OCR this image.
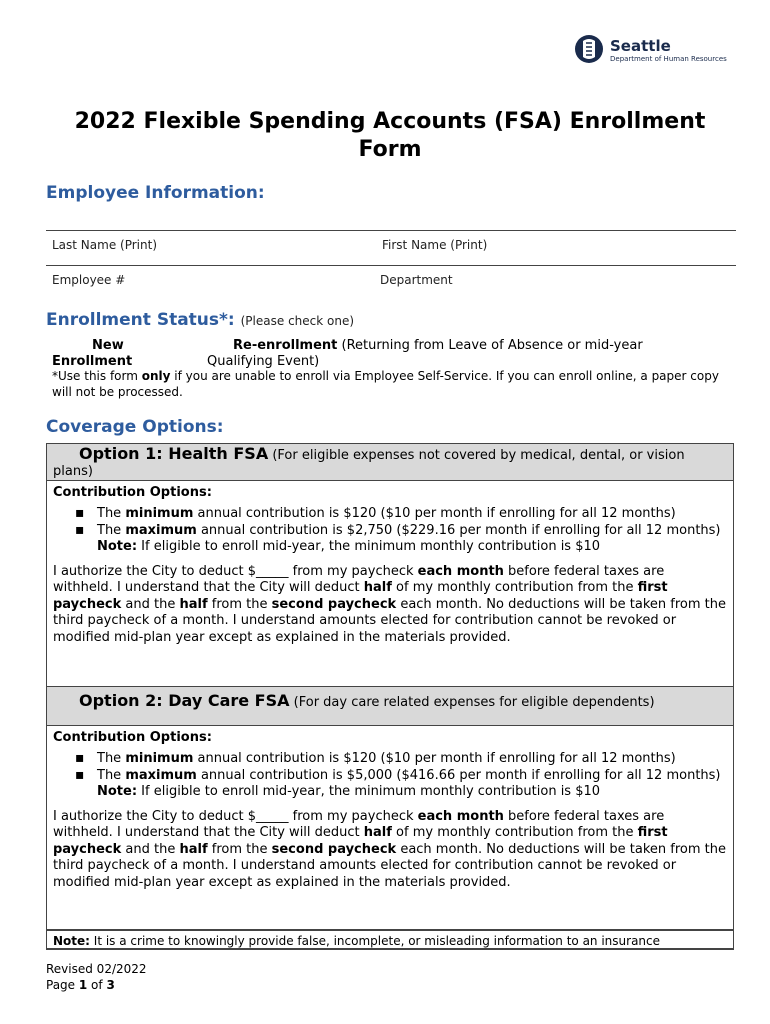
Seattle
Department of Human Resources
2022 Flexible Spending Accounts (FSA) Enrollment Form
Employee Information:
Last Name (Print)	First Name (Print)
Employee #	Department
Enrollment Status*: (Please check one)
New
Enrollment
Re-enrollment (Returning from Leave of Absence or mid-year
Qualifying Event)
*Use this form only if you are unable to enroll via Employee Self-Service. If you can enroll online, a paper copy will not be processed.
Coverage Options:
Option 1: Health FSA (For eligible expenses not covered by medical, dental, or vision plans)
Contribution Options:
▪ The minimum annual contribution is $120 ($10 per month if enrolling for all 12 months)
▪ The maximum annual contribution is $2,750 ($229.16 per month if enrolling for all 12 months)
Note: If eligible to enroll mid-year, the minimum monthly contribution is $10
I authorize the City to deduct $_____ from my paycheck each month before federal taxes are withheld. I understand that the City will deduct half of my monthly contribution from the first paycheck and the half from the second paycheck each month. No deductions will be taken from the third paycheck of a month. I understand amounts elected for contribution cannot be revoked or modified mid-plan year except as explained in the materials provided.
Option 2: Day Care FSA (For day care related expenses for eligible dependents)
Contribution Options:
▪ The minimum annual contribution is $120 ($10 per month if enrolling for all 12 months)
▪ The maximum annual contribution is $5,000 ($416.66 per month if enrolling for all 12 months)
Note: If eligible to enroll mid-year, the minimum monthly contribution is $10
I authorize the City to deduct $_____ from my paycheck each month before federal taxes are withheld. I understand that the City will deduct half of my monthly contribution from the first paycheck and the half from the second paycheck each month. No deductions will be taken from the third paycheck of a month. I understand amounts elected for contribution cannot be revoked or modified mid-plan year except as explained in the materials provided.
Note: It is a crime to knowingly provide false, incomplete, or misleading information to an insurance
Revised 02/2022
Page 1 of 3
